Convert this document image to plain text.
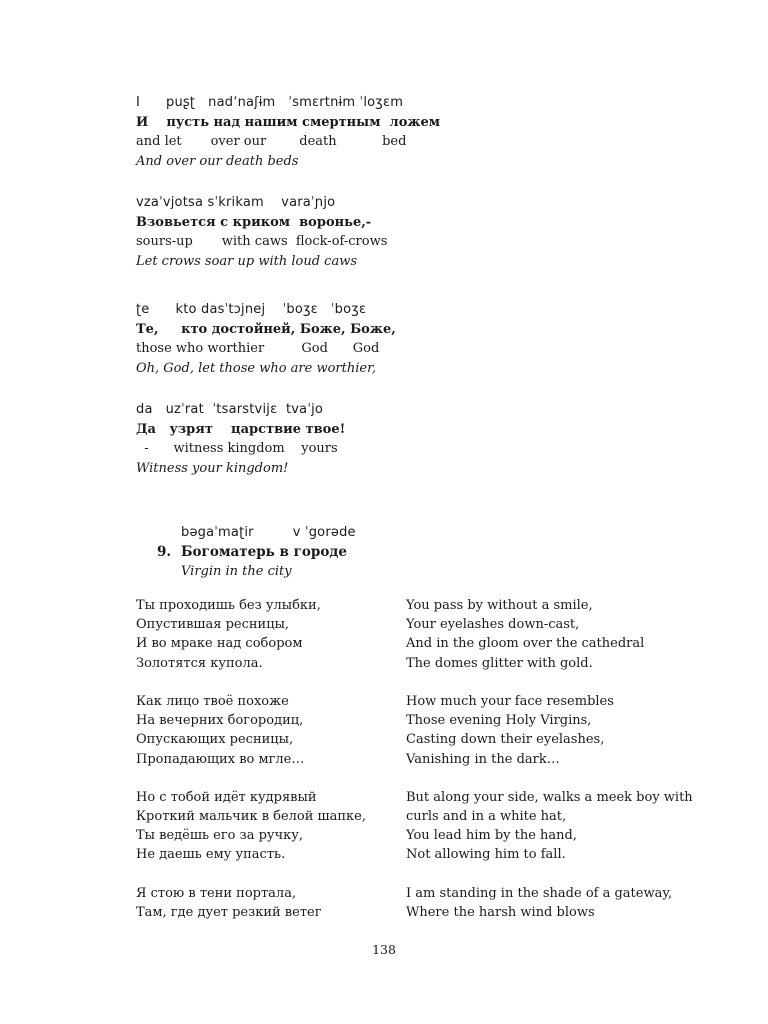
I      puʂʈ   nadʼnaʃɨm   ˈsmɛrtnɨm ˈloʒɛm
И    пусть над нашим смертным  ложем
and let       over our        death           bed
And over our death beds
vzaˈvjotsa sˈkrikam    varaˈɲjo
Взовьется с криком  воронье,-
sours-up       with caws  flock-of-crows
Let crows soar up with loud caws
ʈe      kto dasˈtɔjnej    ˈboʒɛ   ˈboʒɛ
Те,     кто достойней, Боже, Боже,
those who worthier         God      God
Oh, God, let those who are worthier,
da   uzˈrat  ˈtsarstvijɛ  tvaˈjo
Да   узрят    царствие твое!
-      witness kingdom    yours
Witness your kingdom!
bəgaˈmaʈir         v ˈgorəde
9. Богоматерь в городе
Virgin in the city
Ты проходишь без улыбки,
Опустившая ресницы,
И во мраке над собором
Золотятся купола.
Как лицо твоё похоже
На вечерних богородиц,
Опускающих ресницы,
Пропадающих во мгле…
Но с тобой идёт кудрявый
Кроткий мальчик в белой шапке,
Ты ведёшь его за ручку,
Не даешь ему упасть.
Я стою в тени портала,
Там, где дует резкий ветег
You pass by without a smile,
Your eyelashes down-cast,
And in the gloom over the cathedral
The domes glitter with gold.
How much your face resembles
Those evening Holy Virgins,
Casting down their eyelashes,
Vanishing in the dark…
But along your side, walks a meek boy with
curls and in a white hat,
You lead him by the hand,
Not allowing him to fall.
I am standing in the shade of a gateway,
Where the harsh wind blows
138
